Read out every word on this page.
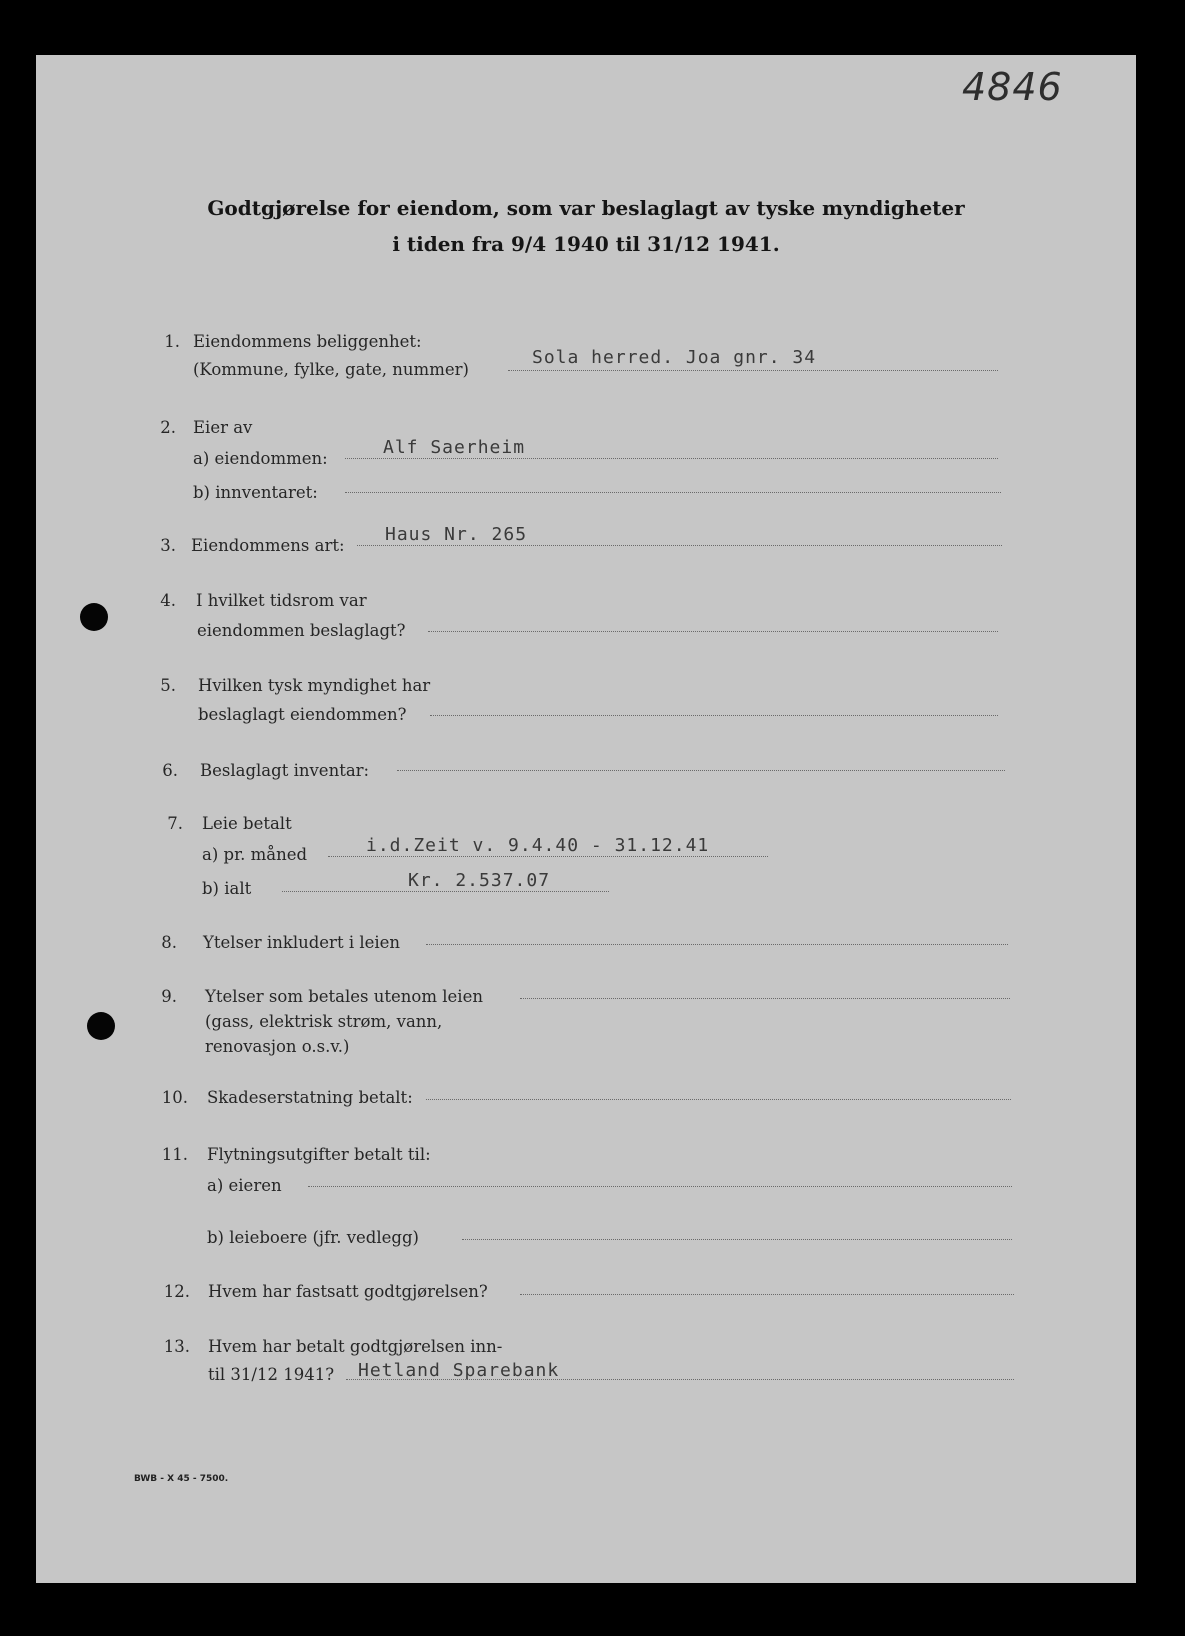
4846
Godtgjørelse for eiendom, som var beslaglagt av tyske myndigheter
i tiden fra 9/4 1940 til 31/12 1941.
1. Eiendommens beliggenhet:
(Kommune, fylke, gate, nummer)
Sola herred. Joa gnr. 34
2. Eier av
a) eiendommen:
b) innventaret:
Alf Saerheim
3. Eiendommens art:
Haus Nr. 265
4. I hvilket tidsrom var
eiendommen beslaglagt?
5. Hvilken tysk myndighet har
beslaglagt eiendommen?
6. Beslaglagt inventar:
7. Leie betalt
a) pr. måned
b) ialt
i.d.Zeit v. 9.4.40 - 31.12.41
Kr. 2.537.07
8. Ytelser inkludert i leien
9. Ytelser som betales utenom leien
(gass, elektrisk strøm, vann,
renovasjon o.s.v.)
10. Skadeserstatning betalt:
11. Flytningsutgifter betalt til:
a) eieren
b) leieboere (jfr. vedlegg)
12. Hvem har fastsatt godtgjørelsen?
13. Hvem har betalt godtgjørelsen inn-
til 31/12 1941? Hetland Sparebank
BWB - X 45 - 7500.
